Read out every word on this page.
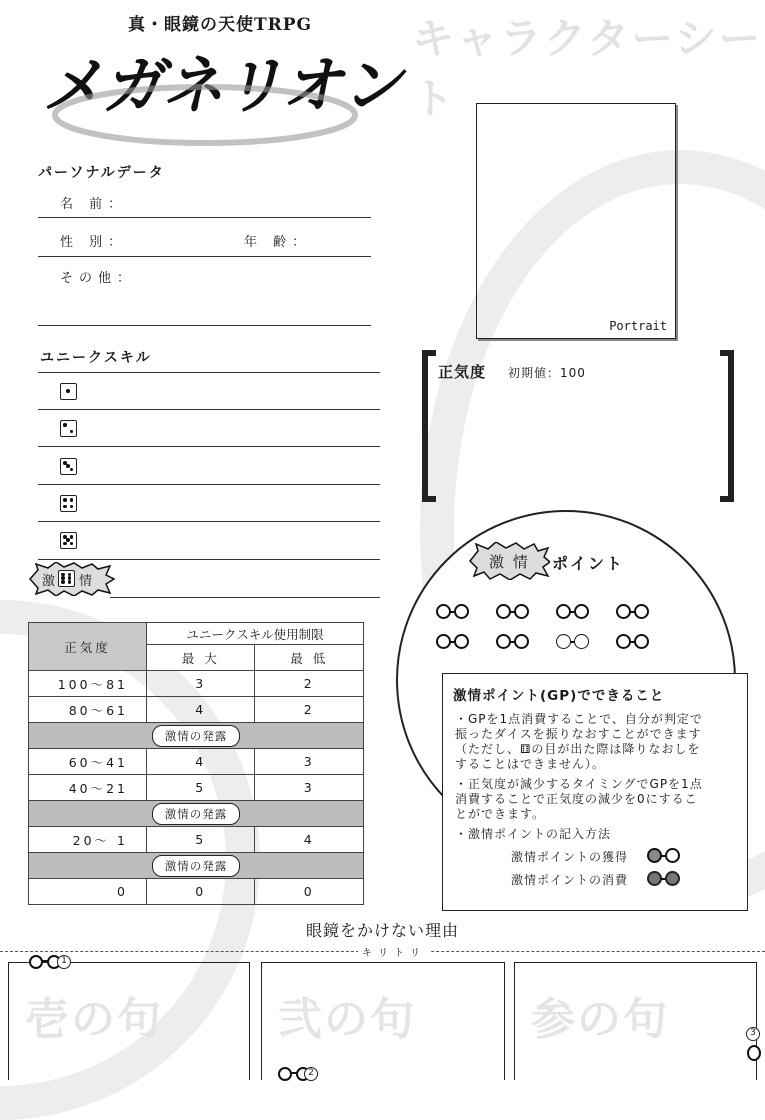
真・眼鏡の天使TRPG
メガネリオン
キャラクターシート
パーソナルデータ
名 前：
性 別：	年 齢：
その他：
Portrait
正気度 初期値：100
ユニークスキル
激 情
正気度	ユニークスキル使用制限	
	最 大	最 低
100〜81	3	2
80〜61	4	2
激情の発露		
60〜41	4	3
40〜21	5	3
激情の発露		
20〜 1	5	4
激情の発露		
0	0	0
激 情 ポイント
激情ポイント(GP)でできること

・GPを1点消費することで、自分が判定で振ったダイスを振りなおすことができます（ただし、⚅の目が出た際は降りなおしをすることはできません）。

・正気度が減少するタイミングでGPを1点消費することで正気度の減少を0にすることができます。

・激情ポイントの記入方法

激情ポイントの獲得

激情ポイントの消費

眼鏡をかけない理由
キリトリ
壱の句
1
弐の句
2
参の句	3
